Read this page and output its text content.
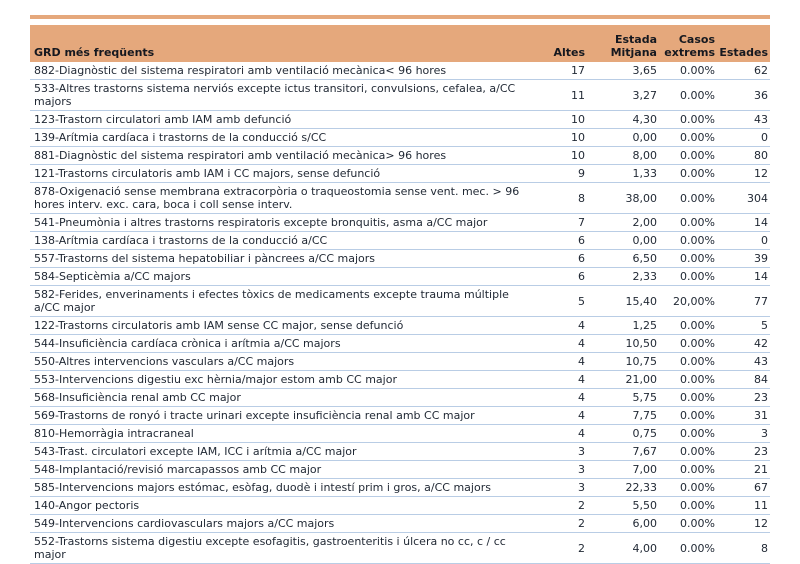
GRD més freqüents	Altes	Estada Mitjana	Casos extrems	Estades
882-Diagnòstic del sistema respiratori amb ventilació mecànica< 96 hores	17	3,65	0.00%	62
533-Altres trastorns sistema nerviós excepte ictus transitori, convulsions, cefalea, a/CC majors	11	3,27	0.00%	36
123-Trastorn circulatori amb IAM amb defunció	10	4,30	0.00%	43
139-Arítmia cardíaca i trastorns de la conducció s/CC	10	0,00	0.00%	0
881-Diagnòstic del sistema respiratori amb ventilació mecànica> 96 hores	10	8,00	0.00%	80
121-Trastorns circulatoris amb IAM i CC majors, sense defunció	9	1,33	0.00%	12
878-Oxigenació sense membrana extracorpòria o traqueostomia sense vent. mec. > 96 hores interv. exc. cara, boca i coll sense interv.	8	38,00	0.00%	304
541-Pneumònia i altres trastorns respiratoris excepte bronquitis, asma a/CC major	7	2,00	0.00%	14
138-Arítmia cardíaca i trastorns de la conducció a/CC	6	0,00	0.00%	0
557-Trastorns del sistema hepatobiliar i pàncrees a/CC majors	6	6,50	0.00%	39
584-Septicèmia a/CC majors	6	2,33	0.00%	14
582-Ferides, enverinaments i efectes tòxics de medicaments excepte trauma múltiple a/CC major	5	15,40	20,00%	77
122-Trastorns circulatoris amb IAM sense CC major, sense defunció	4	1,25	0.00%	5
544-Insuficiència cardíaca crònica i arítmia a/CC majors	4	10,50	0.00%	42
550-Altres intervencions vasculars a/CC majors	4	10,75	0.00%	43
553-Intervencions digestiu exc hèrnia/major estom amb CC major	4	21,00	0.00%	84
568-Insuficiència renal amb CC major	4	5,75	0.00%	23
569-Trastorns de ronyó i tracte urinari excepte insuficiència renal amb CC major	4	7,75	0.00%	31
810-Hemorràgia intracraneal	4	0,75	0.00%	3
543-Trast. circulatori excepte IAM, ICC i arítmia a/CC major	3	7,67	0.00%	23
548-Implantació/revisió marcapassos amb CC major	3	7,00	0.00%	21
585-Intervencions majors estómac, esòfag, duodè i intestí prim i gros, a/CC majors	3	22,33	0.00%	67
140-Angor pectoris	2	5,50	0.00%	11
549-Intervencions cardiovasculars majors a/CC majors	2	6,00	0.00%	12
552-Trastorns sistema digestiu excepte esofagitis, gastroenteritis i úlcera no cc, c / cc major	2	4,00	0.00%	8
